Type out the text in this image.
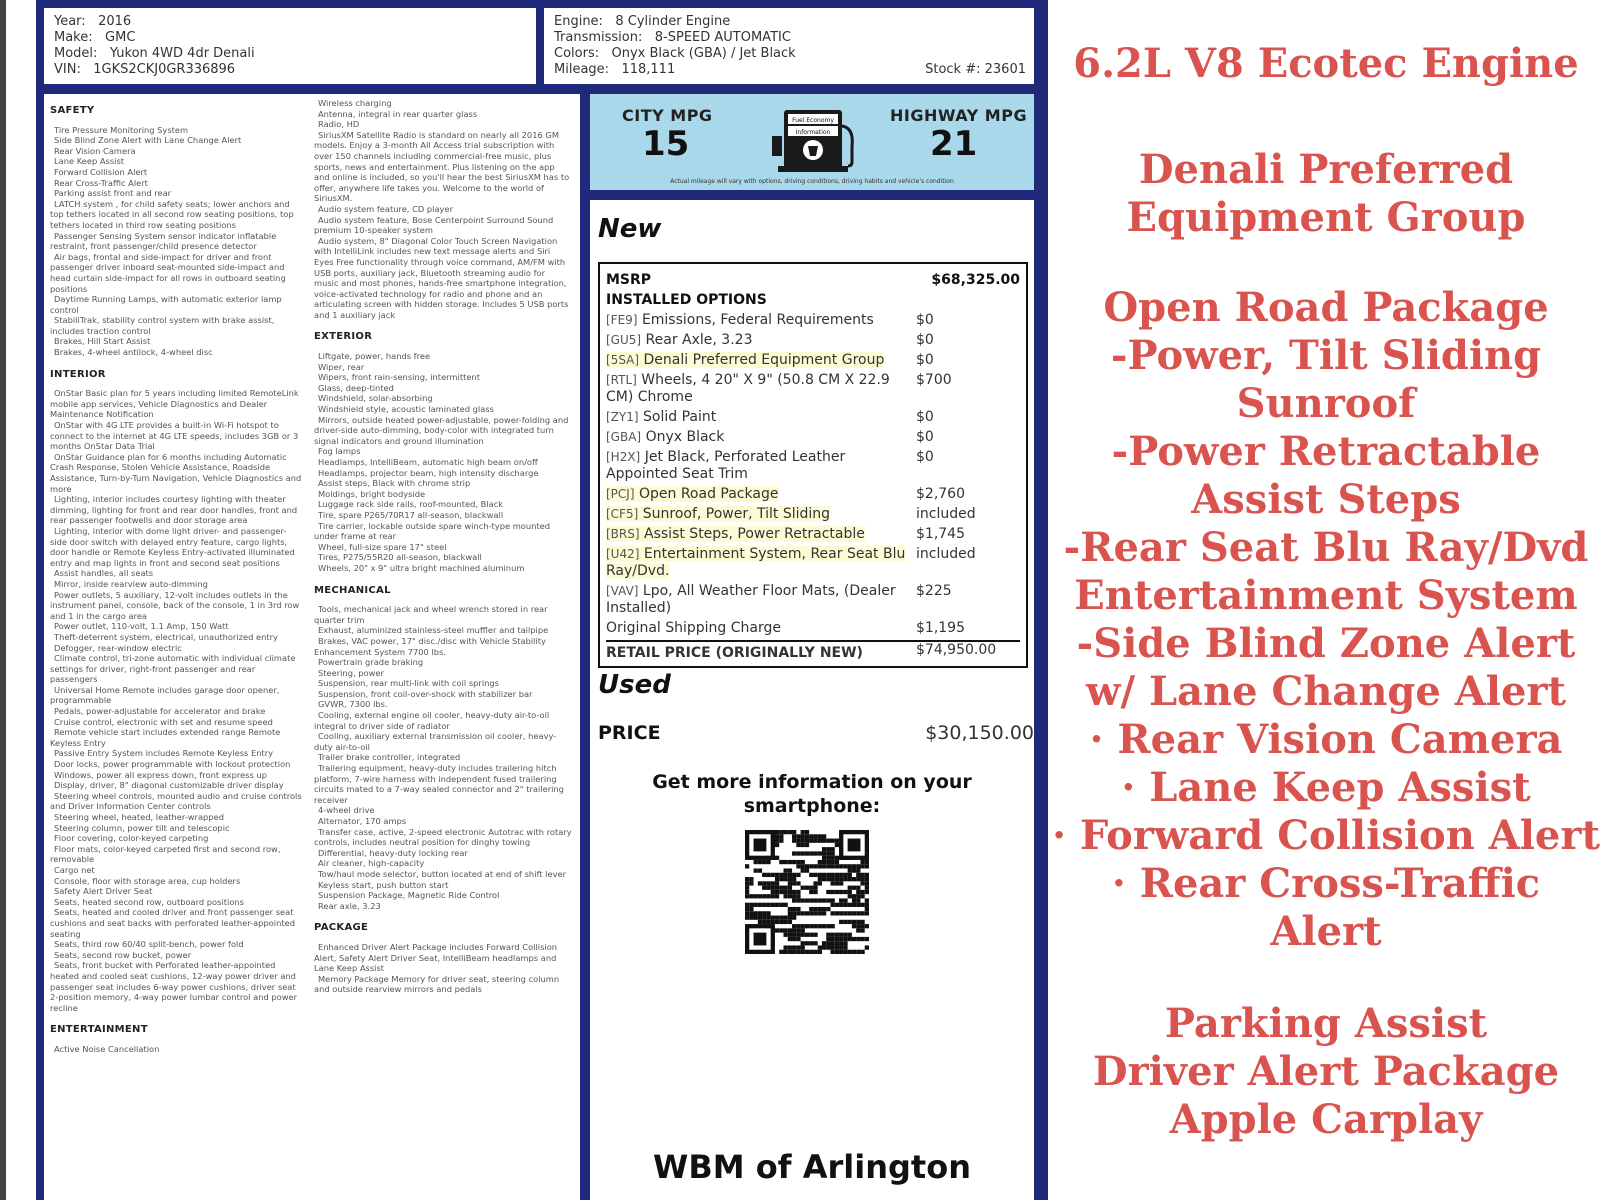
Year: 2016
Make: GMC
Model: Yukon 4WD 4dr Denali
VIN: 1GKS2CKJ0GR336896
Engine: 8 Cylinder Engine
Transmission: 8-SPEED AUTOMATIC
Colors: Onyx Black (GBA) / Jet Black
Mileage: 118,111	Stock #: 23601
SAFETY
Tire Pressure Monitoring System
Side Blind Zone Alert with Lane Change Alert
Rear Vision Camera
Lane Keep Assist
Forward Collision Alert
Rear Cross-Traffic Alert
Parking assist front and rear
LATCH system , for child safety seats; lower anchors and top tethers located in all second row seating positions, top tethers located in third row seating positions
Passenger Sensing System sensor indicator inflatable restraint, front passenger/child presence detector
Air bags, frontal and side-impact for driver and front passenger driver inboard seat-mounted side-impact and head curtain side-impact for all rows in outboard seating positions
Daytime Running Lamps, with automatic exterior lamp control
StabiliTrak, stability control system with brake assist, includes traction control
Brakes, Hill Start Assist
Brakes, 4-wheel antilock, 4-wheel disc
INTERIOR
OnStar Basic plan for 5 years including limited RemoteLink mobile app services, Vehicle Diagnostics and Dealer Maintenance Notification
OnStar with 4G LTE provides a built-in Wi-Fi hotspot to connect to the internet at 4G LTE speeds, includes 3GB or 3 months OnStar Data Trial
OnStar Guidance plan for 6 months including Automatic Crash Response, Stolen Vehicle Assistance, Roadside Assistance, Turn-by-Turn Navigation, Vehicle Diagnostics and more
Lighting, interior includes courtesy lighting with theater dimming, lighting for front and rear door handles, front and rear passenger footwells and door storage area
Lighting, interior with dome light driver- and passenger-side door switch with delayed entry feature, cargo lights, door handle or Remote Keyless Entry-activated illuminated entry and map lights in front and second seat positions
Assist handles, all seats
Mirror, inside rearview auto-dimming
Power outlets, 5 auxiliary, 12-volt includes outlets in the instrument panel, console, back of the console, 1 in 3rd row and 1 in the cargo area
Power outlet, 110-volt, 1.1 Amp, 150 Watt
Theft-deterrent system, electrical, unauthorized entry
Defogger, rear-window electric
Climate control, tri-zone automatic with individual climate settings for driver, right-front passenger and rear passengers
Universal Home Remote includes garage door opener, programmable
Pedals, power-adjustable for accelerator and brake
Cruise control, electronic with set and resume speed
Remote vehicle start includes extended range Remote Keyless Entry
Passive Entry System includes Remote Keyless Entry
Door locks, power programmable with lockout protection
Windows, power all express down, front express up
Display, driver, 8" diagonal customizable driver display
Steering wheel controls, mounted audio and cruise controls and Driver Information Center controls
Steering wheel, heated, leather-wrapped
Steering column, power tilt and telescopic
Floor covering, color-keyed carpeting
Floor mats, color-keyed carpeted first and second row, removable
Cargo net
Console, floor with storage area, cup holders
Safety Alert Driver Seat
Seats, heated second row, outboard positions
Seats, heated and cooled driver and front passenger seat cushions and seat backs with perforated leather-appointed seating
Seats, third row 60/40 split-bench, power fold
Seats, second row bucket, power
Seats, front bucket with Perforated leather-appointed heated and cooled seat cushions, 12-way power driver and passenger seat includes 6-way power cushions, driver seat 2-position memory, 4-way power lumbar control and power recline
ENTERTAINMENT
Active Noise Cancellation
Wireless charging
Antenna, integral in rear quarter glass
Radio, HD
SiriusXM Satellite Radio is standard on nearly all 2016 GM models. Enjoy a 3-month All Access trial subscription with over 150 channels including commercial-free music, plus sports, news and entertainment. Plus listening on the app and online is included, so you'll hear the best SiriusXM has to offer, anywhere life takes you. Welcome to the world of SiriusXM.
Audio system feature, CD player
Audio system feature, Bose Centerpoint Surround Sound premium 10-speaker system
Audio system, 8" Diagonal Color Touch Screen Navigation with IntelliLink includes new text message alerts and Siri Eyes Free functionality through voice command, AM/FM with USB ports, auxiliary jack, Bluetooth streaming audio for music and most phones, hands-free smartphone integration, voice-activated technology for radio and phone and an articulating screen with hidden storage. Includes 5 USB ports and 1 auxiliary jack
EXTERIOR
Liftgate, power, hands free
Wiper, rear
Wipers, front rain-sensing, intermittent
Glass, deep-tinted
Windshield, solar-absorbing
Windshield style, acoustic laminated glass
Mirrors, outside heated power-adjustable, power-folding and driver-side auto-dimming, body-color with integrated turn signal indicators and ground illumination
Fog lamps
Headlamps, IntelliBeam, automatic high beam on/off
Headlamps, projector beam, high intensity discharge
Assist steps, Black with chrome strip
Moldings, bright bodyside
Luggage rack side rails, roof-mounted, Black
Tire, spare P265/70R17 all-season, blackwall
Tire carrier, lockable outside spare winch-type mounted under frame at rear
Wheel, full-size spare 17" steel
Tires, P275/55R20 all-season, blackwall
Wheels, 20" x 9" ultra bright machined aluminum
MECHANICAL
Tools, mechanical jack and wheel wrench stored in rear quarter trim
Exhaust, aluminized stainless-steel muffler and tailpipe
Brakes, VAC power, 17" disc./disc with Vehicle Stability Enhancement System 7700 lbs.
Powertrain grade braking
Steering, power
Suspension, rear multi-link with coil springs
Suspension, front coil-over-shock with stabilizer bar
GVWR, 7300 lbs.
Cooling, external engine oil cooler, heavy-duty air-to-oil integral to driver side of radiator
Cooling, auxiliary external transmission oil cooler, heavy-duty air-to-oil
Trailer brake controller, integrated
Trailering equipment, heavy-duty includes trailering hitch platform, 7-wire harness with independent fused trailering circuits mated to a 7-way sealed connector and 2" trailering receiver
4-wheel drive
Alternator, 170 amps
Transfer case, active, 2-speed electronic Autotrac with rotary controls, includes neutral position for dinghy towing
Differential, heavy-duty locking rear
Air cleaner, high-capacity
Tow/haul mode selector, button located at end of shift lever
Keyless start, push button start
Suspension Package, Magnetic Ride Control
Rear axle, 3.23
PACKAGE
Enhanced Driver Alert Package includes Forward Collision Alert, Safety Alert Driver Seat, IntelliBeam headlamps and Lane Keep Assist
Memory Package Memory for driver seat, steering column and outside rearview mirrors and pedals
CITY MPG
15
Fuel Economy
Information
HIGHWAY MPG
21
Actual mileage will vary with options, driving conditions, driving habits and vehicle's condition
New
MSRP	$68,325.00
INSTALLED OPTIONS
[FE9] Emissions, Federal Requirements	$0
[GU5] Rear Axle, 3.23	$0
[5SA] Denali Preferred Equipment Group $0
[RTL] Wheels, 4 20" X 9" (50.8 CM X 22.9 CM) Chrome
$700
[ZY1] Solid Paint	$0
[GBA] Onyx Black	$0
[H2X] Jet Black, Perforated Leather Appointed Seat Trim
$0
[PCJ] Open Road Package	$2,760
[CF5] Sunroof, Power, Tilt Sliding	included
[BRS] Assist Steps, Power Retractable	$1,745
[U42] Entertainment System, Rear Seat Blu Ray/Dvd.
included
[VAV] Lpo, All Weather Floor Mats, (Dealer Installed)
$225
Original Shipping Charge	$1,195
RETAIL PRICE (ORIGINALLY NEW)	$74,950.00
Used
PRICE	$30,150.00
Get more information on your smartphone:
WBM of Arlington
6.2L V8 Ecotec Engine
Denali Preferred
Equipment Group
Open Road Package
-Power, Tilt Sliding
Sunroof
-Power Retractable
Assist Steps
-Rear Seat Blu Ray/Dvd
Entertainment System
-Side Blind Zone Alert
w/ Lane Change Alert
· Rear Vision Camera
· Lane Keep Assist
· Forward Collision Alert
· Rear Cross-Traffic
Alert
Parking Assist
Driver Alert Package
Apple Carplay
